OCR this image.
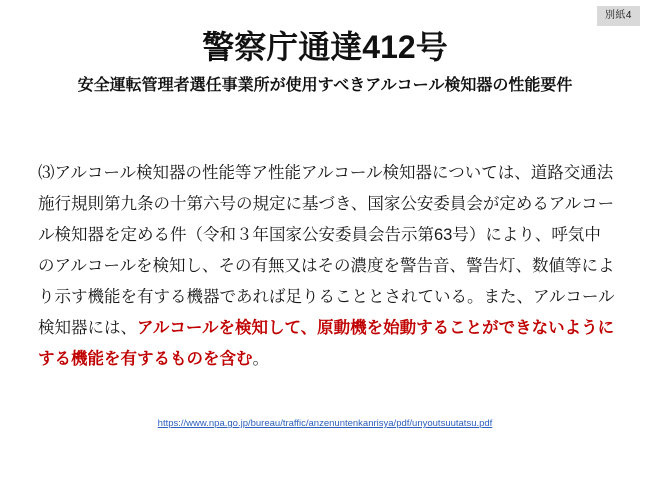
別紙4
警察庁通達412号
安全運転管理者選任事業所が使用すべきアルコール検知器の性能要件
⑶アルコール検知器の性能等ア性能アルコール検知器については、道路交通法施行規則第九条の十第六号の規定に基づき、国家公安委員会が定めるアルコール検知器を定める件（令和３年国家公安委員会告示第63号）により、呼気中のアルコールを検知し、その有無又はその濃度を警告音、警告灯、数値等により示す機能を有する機器であれば足りることとされている。また、アルコール検知器には、アルコールを検知して、原動機を始動することができないようにする機能を有するものを含む。
https://www.npa.go.jp/bureau/traffic/anzenuntenkanrisya/pdf/unyoutsuutatsu.pdf
